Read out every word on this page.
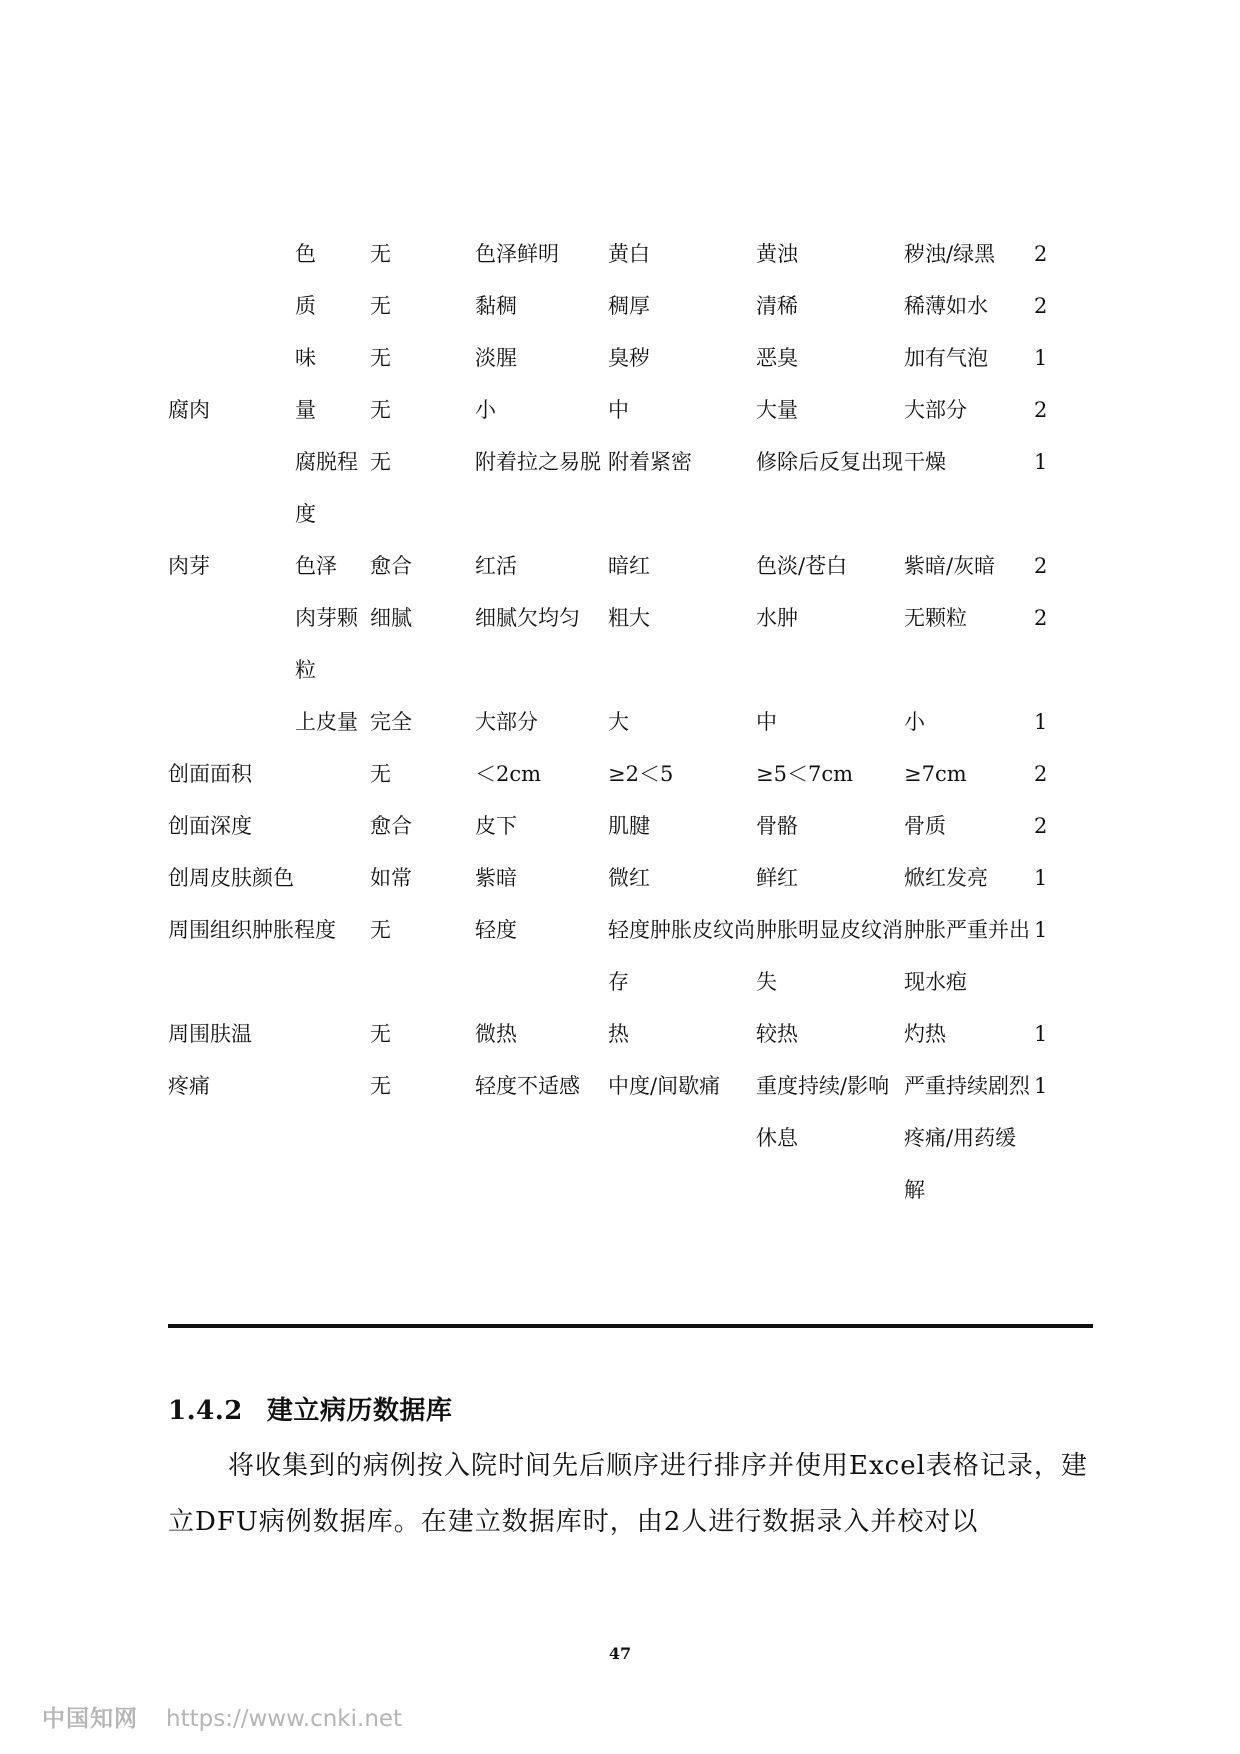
	色	无	色泽鲜明	黄白	黄浊	秽浊/绿黑	2
	质	无	黏稠	稠厚	清稀	稀薄如水	2
	味	无	淡腥	臭秽	恶臭	加有气泡	1
腐肉	量	无	小	中	大量	大部分	2
	腐脱程度	无	附着拉之易脱	附着紧密	修除后反复出现	干燥	1
肉芽	色泽	愈合	红活	暗红	色淡/苍白	紫暗/灰暗	2
	肉芽颗粒	细腻	细腻欠均匀	粗大	水肿	无颗粒	2
	上皮量	完全	大部分	大	中	小	1
创面面积		无	＜2cm	≥2＜5	≥5＜7cm	≥7cm	2
创面深度		愈合	皮下	肌腱	骨骼	骨质	2
创周皮肤颜色		如常	紫暗	微红	鲜红	焮红发亮	1
周围组织肿胀程度		无	轻度	轻度肿胀皮纹尚存	肿胀明显皮纹消失	肿胀严重并出现水疱	1
周围肤温		无	微热	热	较热	灼热	1
疼痛		无	轻度不适感	中度/间歇痛	重度持续/影响休息	严重持续剧烈疼痛/用药缓解	1
1.4.2 建立病历数据库
将收集到的病例按入院时间先后顺序进行排序并使用Excel表格记录，建立DFU病例数据库。在建立数据库时，由2人进行数据录入并校对以
47
中国知网 https://www.cnki.net
